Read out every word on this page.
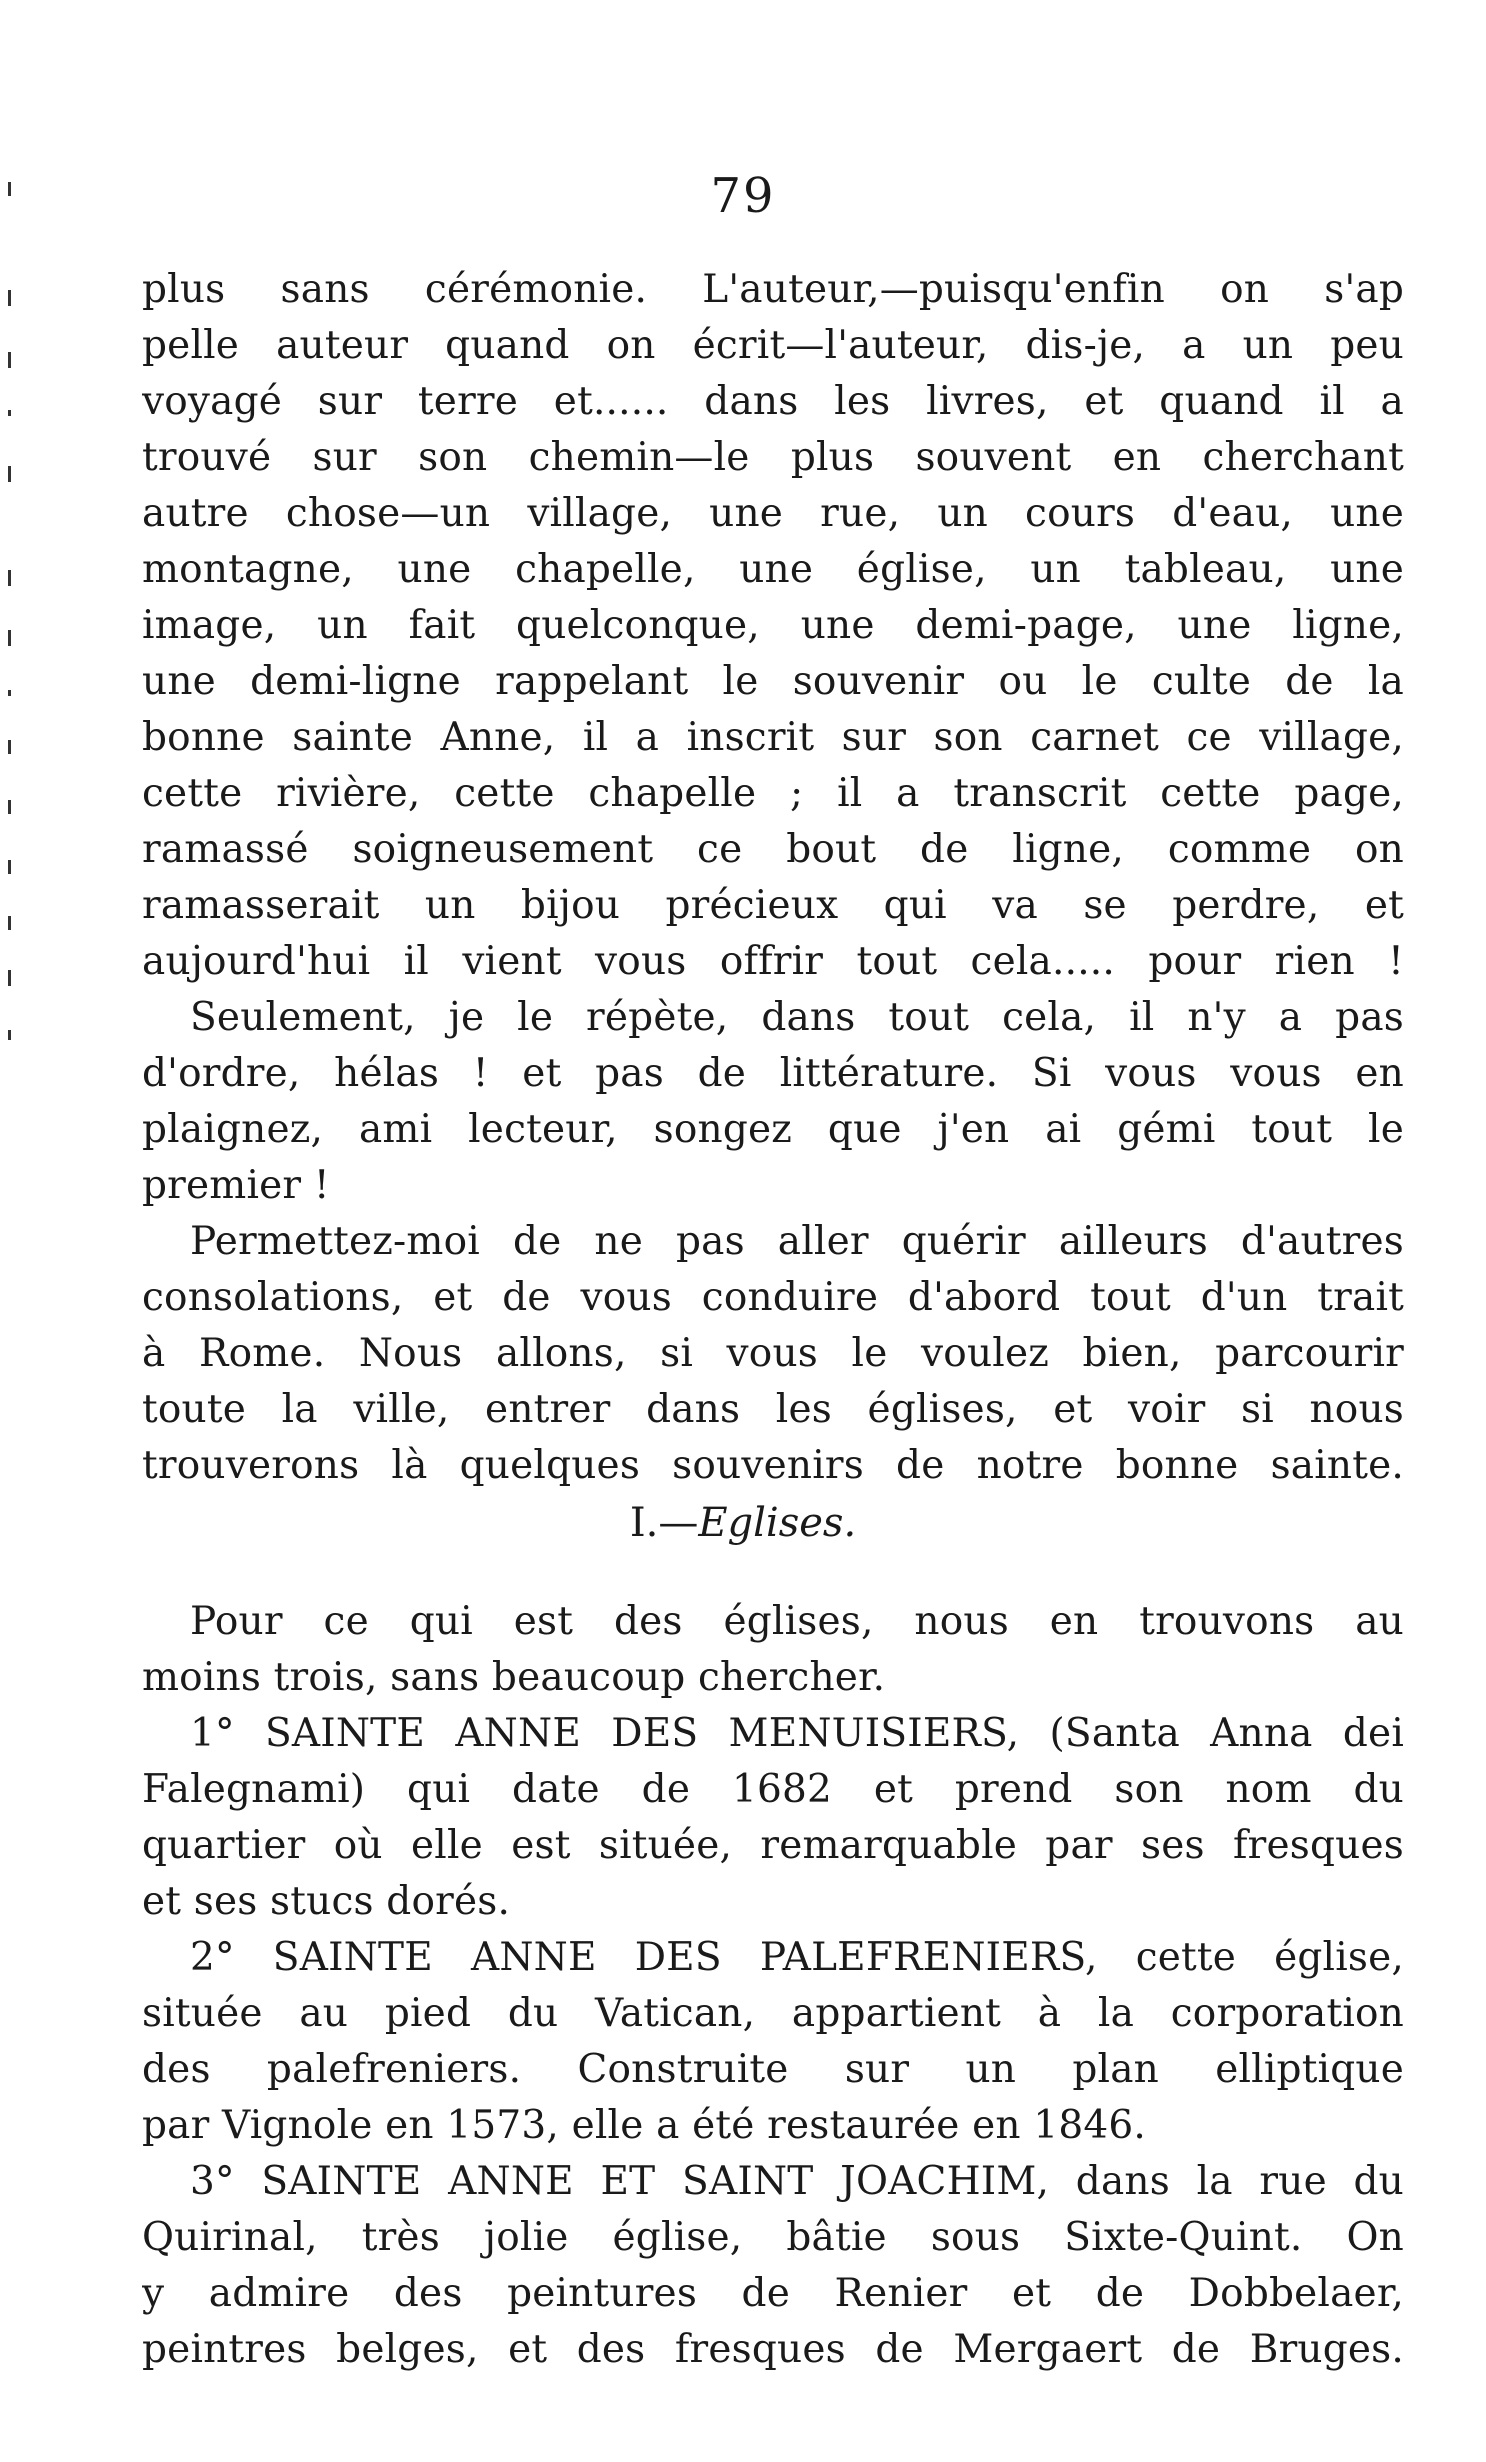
79
plus sans cérémonie. L'auteur,—puisqu'enfin on s'ap
pelle auteur quand on écrit—l'auteur, dis-je, a un peu
voyagé sur terre et...... dans les livres, et quand il a
trouvé sur son chemin—le plus souvent en cherchant
autre chose—un village, une rue, un cours d'eau, une
montagne, une chapelle, une église, un tableau, une
image, un fait quelconque, une demi-page, une ligne,
une demi-ligne rappelant le souvenir ou le culte de la
bonne sainte Anne, il a inscrit sur son carnet ce village,
cette rivière, cette chapelle ; il a transcrit cette page,
ramassé soigneusement ce bout de ligne, comme on
ramasserait un bijou précieux qui va se perdre, et
aujourd'hui il vient vous offrir tout cela..... pour rien !
Seulement, je le répète, dans tout cela, il n'y a pas
d'ordre, hélas ! et pas de littérature. Si vous vous en
plaignez, ami lecteur, songez que j'en ai gémi tout le
premier !
Permettez-moi de ne pas aller quérir ailleurs d'autres
consolations, et de vous conduire d'abord tout d'un trait
à Rome. Nous allons, si vous le voulez bien, parcourir
toute la ville, entrer dans les églises, et voir si nous
trouverons là quelques souvenirs de notre bonne sainte.
I.—Eglises.
Pour ce qui est des églises, nous en trouvons au
moins trois, sans beaucoup chercher.
1° SAINTE ANNE DES MENUISIERS, (Santa Anna dei
Falegnami) qui date de 1682 et prend son nom du
quartier où elle est située, remarquable par ses fresques
et ses stucs dorés.
2° SAINTE ANNE DES PALEFRENIERS, cette église,
située au pied du Vatican, appartient à la corporation
des palefreniers. Construite sur un plan elliptique
par Vignole en 1573, elle a été restaurée en 1846.
3° SAINTE ANNE ET SAINT JOACHIM, dans la rue du
Quirinal, très jolie église, bâtie sous Sixte-Quint. On
y admire des peintures de Renier et de Dobbelaer,
peintres belges, et des fresques de Mergaert de Bruges.
